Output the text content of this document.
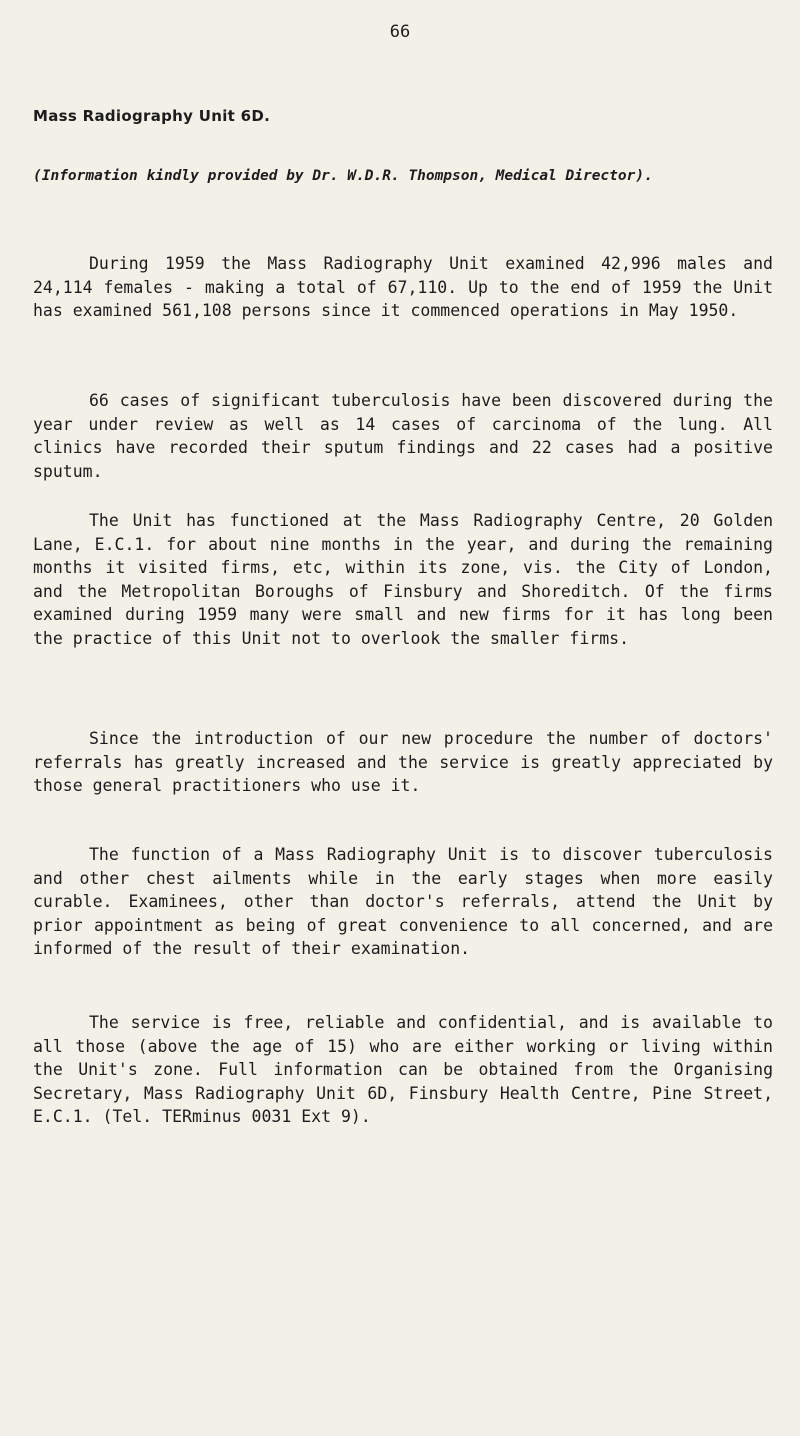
66
Mass Radiography Unit 6D.
(Information kindly provided by Dr. W.D.R. Thompson, Medical Director).

During 1959 the Mass Radiography Unit examined 42,996 males and 24,114 females - making a total of 67,110. Up to the end of 1959 the Unit has examined 561,108 persons since it commenced operations in May 1950.

66 cases of significant tuberculosis have been discovered during the year under review as well as 14 cases of carcinoma of the lung. All clinics have recorded their sputum findings and 22 cases had a positive sputum.

The Unit has functioned at the Mass Radiography Centre, 20 Golden Lane, E.C.1. for about nine months in the year, and during the remaining months it visited firms, etc, within its zone, vis. the City of London, and the Metropolitan Boroughs of Finsbury and Shoreditch. Of the firms examined during 1959 many were small and new firms for it has long been the practice of this Unit not to overlook the smaller firms.

Since the introduction of our new procedure the number of doctors' referrals has greatly increased and the service is greatly appreciated by those general practitioners who use it.

The function of a Mass Radiography Unit is to discover tuberculosis and other chest ailments while in the early stages when more easily curable. Examinees, other than doctor's referrals, attend the Unit by prior appointment as being of great convenience to all concerned, and are informed of the result of their examination.

The service is free, reliable and confidential, and is available to all those (above the age of 15) who are either working or living within the Unit's zone. Full information can be obtained from the Organising Secretary, Mass Radiography Unit 6D, Finsbury Health Centre, Pine Street, E.C.1. (Tel. TERminus 0031 Ext 9).
